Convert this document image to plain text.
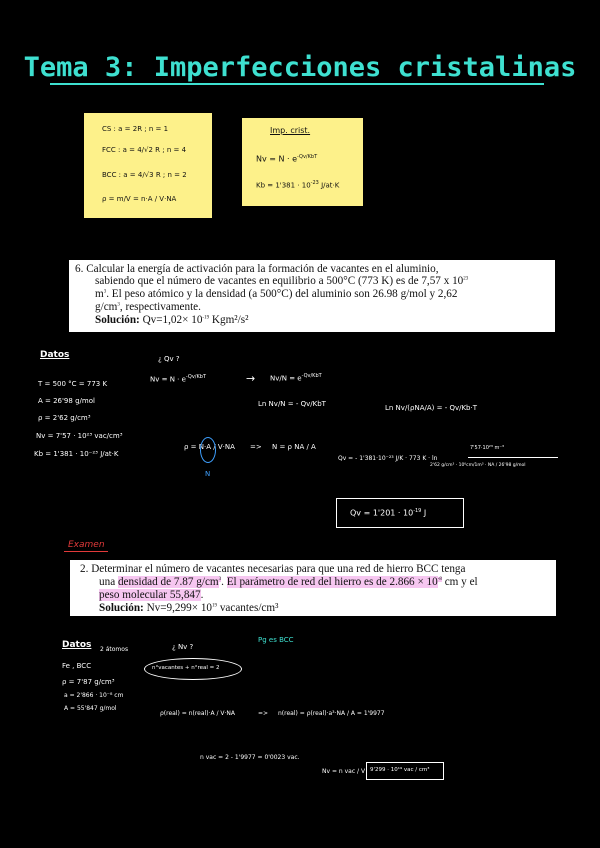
Tema 3: Imperfecciones cristalinas
CS : a = 2R ; n = 1
FCC : a = 4/√2 R ; n = 4
BCC : a = 4/√3 R ; n = 2
ρ = m/V = n·A / V·NA
Imp. crist.
$Nv = N \cdot e^{-Qv/KbT}$
$Kb = 1'381 \cdot 10^{-23}$ J/at·K

6. Calcular la energía de activación para la formación de vacantes en el aluminio,

sabiendo que el número de vacantes en equilibrio a 500°C (773 K) es de 7,57 x $10^{23}$

$m^3$. El peso atómico y la densidad (a 500°C) del aluminio son 26.98 g/mol y 2,62

$g/cm^3$, respectivamente.

Solución: $Qv=1,02\times 10^{-19}$ Kgm²/s²

Datos
T = 500 °C = 773 K
A = 26'98 g/mol
ρ = 2'62 g/cm³
Nv = 7'57 · 10²³ vac/cm³
Kb = 1'381 · 10⁻²³ J/at·K
¿ Qv ?
$Nv = N \cdot e^{-Qv/KbT}$	→ $Nv/N = e^{-Qv/KbT}$
Ln Nv/N = - Qv/KbT	Ln Nv/(ρNA/A) = - Qv/Kb·T
ρ = N·A / V·NA
N
=> N = ρ NA / A
Qv = - 1'381·10⁻²³ J/K · 773 K · ln
7'57·10²³ m⁻³
2'62 g/cm³ · 10⁶cm/1m³ · NA / 26'98 g/mol
$Qv = 1'201 \cdot 10^{-19}$ J
Examen

2. Determinar el número de vacantes necesarias para que una red de hierro BCC tenga

una densidad de 7.87 $g/cm^3$. El parámetro de red del hierro es de $2.866 \times 10^{-8}$ cm y el

peso molecular 55,847.

Solución: $Nv=9,299\times 10^{19}$ vacantes/cm³

Datos 2 átomos
Fe , BCC
ρ = 7'87 g/cm³
a = 2'866 · 10⁻⁸ cm
A = 55'847 g/mol
¿ Nv ?
Pg es BCC
n°vacantes + n°real = 2
ρ(real) = n(real)·A / V·NA	=> n(real) = ρ(real)·a³·NA / A = 1'9977
n vac = 2 - 1'9977 = 0'0023 vac.
Nv = n vac / V 9'299 · 10¹⁹ vac / cm³
